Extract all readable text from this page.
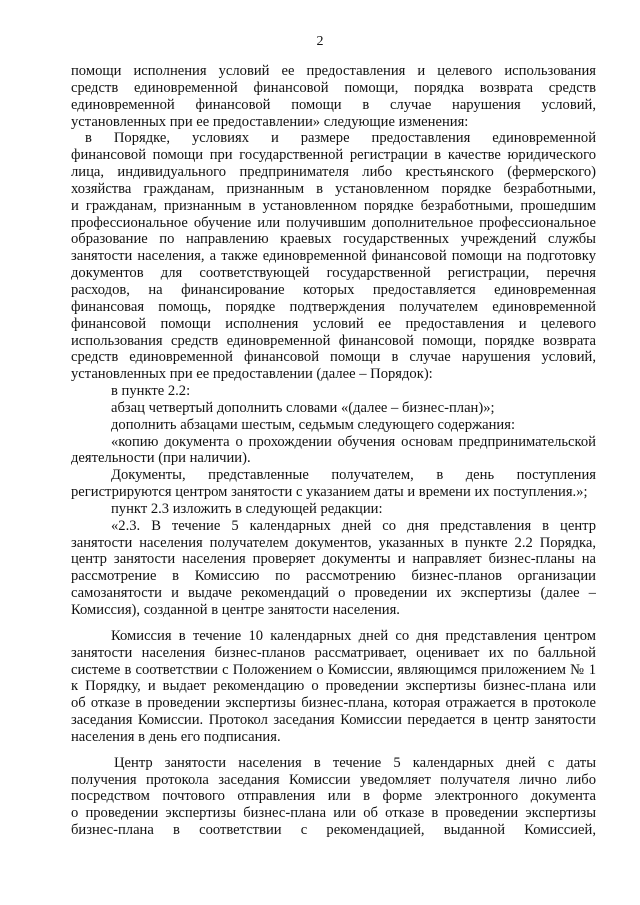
2
помощи исполнения условий ее предоставления и целевого использования
средств единовременной финансовой помощи, порядка возврата средств
единовременной финансовой помощи в случае нарушения условий,
установленных при ее предоставлении» следующие изменения:
в Порядке, условиях и размере предоставления единовременной
финансовой помощи при государственной регистрации в качестве юридического
лица, индивидуального предпринимателя либо крестьянского (фермерского)
хозяйства гражданам, признанным в установленном порядке безработными,
и гражданам, признанным в установленном порядке безработными, прошедшим
профессиональное обучение или получившим дополнительное профессиональное
образование по направлению краевых государственных учреждений службы
занятости населения, а также единовременной финансовой помощи на подготовку
документов для соответствующей государственной регистрации, перечня
расходов, на финансирование которых предоставляется единовременная
финансовая помощь, порядке подтверждения получателем единовременной
финансовой помощи исполнения условий ее предоставления и целевого
использования средств единовременной финансовой помощи, порядке возврата
средств единовременной финансовой помощи в случае нарушения условий,
установленных при ее предоставлении (далее – Порядок):
в пункте 2.2:
абзац четвертый дополнить словами «(далее – бизнес-план)»;
дополнить абзацами шестым, седьмым следующего содержания:
«копию документа о прохождении обучения основам предпринимательской
деятельности (при наличии).
Документы, представленные получателем, в день поступления
регистрируются центром занятости с указанием даты и времени их поступления.»;
пункт 2.3 изложить в следующей редакции:
«2.3. В течение 5 календарных дней со дня представления в центр
занятости населения получателем документов, указанных в пункте 2.2 Порядка,
центр занятости населения проверяет документы и направляет бизнес-планы на
рассмотрение в Комиссию по рассмотрению бизнес-планов организации
самозанятости и выдаче рекомендаций о проведении их экспертизы (далее –
Комиссия), созданной в центре занятости населения.
Комиссия в течение 10 календарных дней со дня представления центром
занятости населения бизнес-планов рассматривает, оценивает их по балльной
системе в соответствии с Положением о Комиссии, являющимся приложением № 1
к Порядку, и выдает рекомендацию о проведении экспертизы бизнес-плана или
об отказе в проведении экспертизы бизнес-плана, которая отражается в протоколе
заседания Комиссии. Протокол заседания Комиссии передается в центр занятости
населения в день его подписания.
Центр занятости населения в течение 5 календарных дней с даты
получения протокола заседания Комиссии уведомляет получателя лично либо
посредством почтового отправления или в форме электронного документа
о проведении экспертизы бизнес-плана или об отказе в проведении экспертизы
бизнес-плана в соответствии с рекомендацией, выданной Комиссией,
